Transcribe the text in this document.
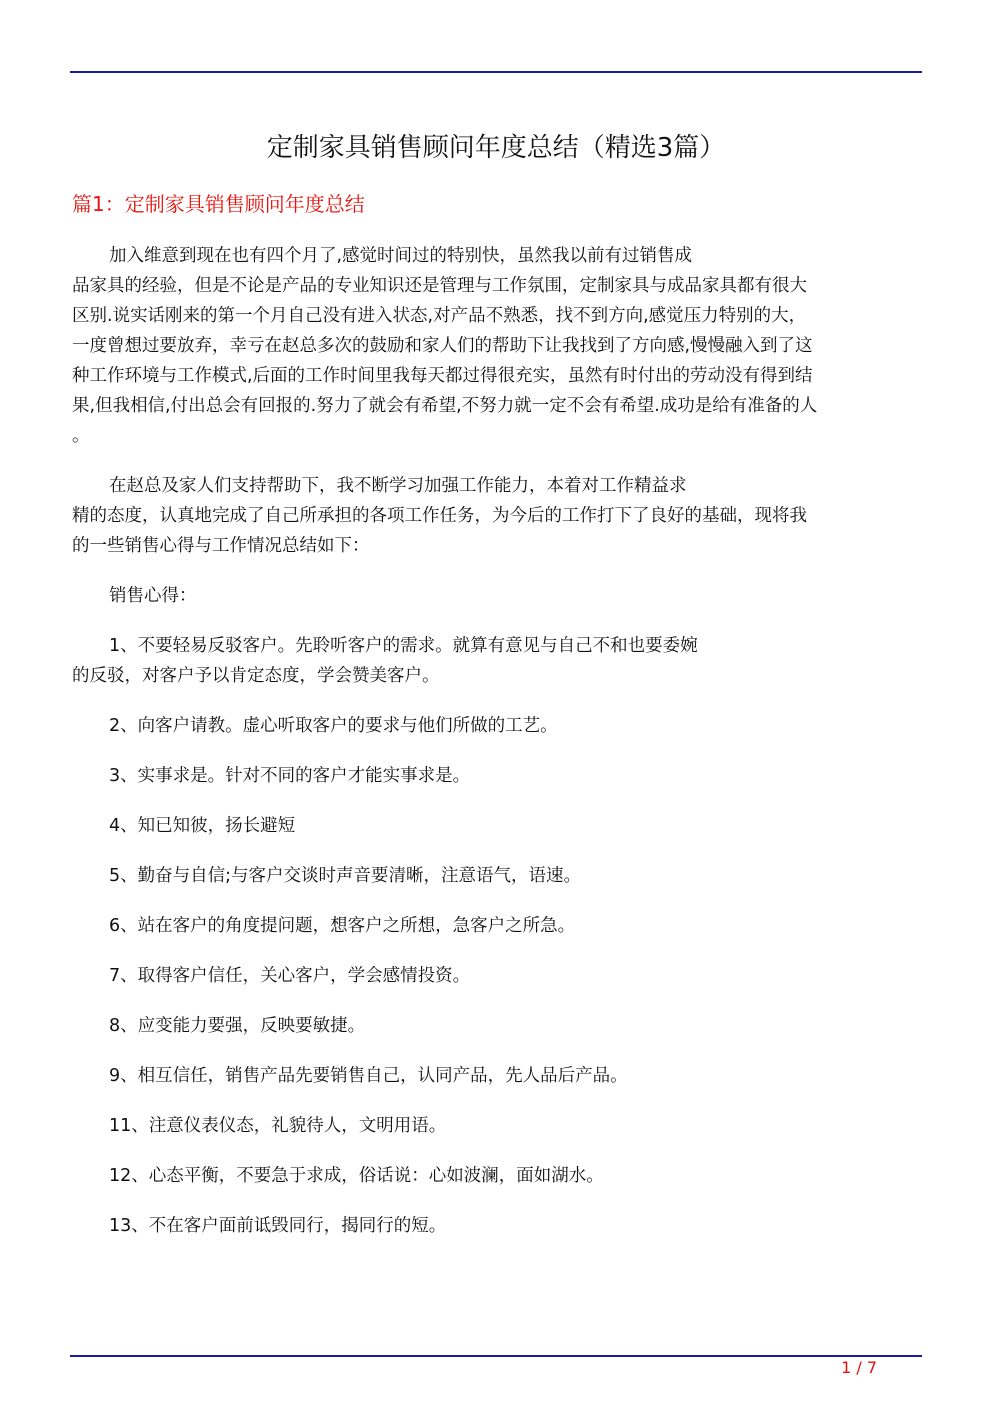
定制家具销售顾问年度总结（精选3篇）
篇1：定制家具销售顾问年度总结
加入维意到现在也有四个月了,感觉时间过的特别快，虽然我以前有过销售成
品家具的经验，但是不论是产品的专业知识还是管理与工作氛围，定制家具与成品家具都有很大
区别.说实话刚来的第一个月自己没有进入状态,对产品不熟悉，找不到方向,感觉压力特别的大，
一度曾想过要放弃，幸亏在赵总多次的鼓励和家人们的帮助下让我找到了方向感,慢慢融入到了这
种工作环境与工作模式,后面的工作时间里我每天都过得很充实，虽然有时付出的劳动没有得到结
果,但我相信,付出总会有回报的.努力了就会有希望,不努力就一定不会有希望.成功是给有准备的人
。
在赵总及家人们支持帮助下，我不断学习加强工作能力，本着对工作精益求
精的态度，认真地完成了自己所承担的各项工作任务，为今后的工作打下了良好的基础，现将我
的一些销售心得与工作情况总结如下：
销售心得：
1、不要轻易反驳客户。先聆听客户的需求。就算有意见与自己不和也要委婉
的反驳，对客户予以肯定态度，学会赞美客户。
2、向客户请教。虚心听取客户的要求与他们所做的工艺。
3、实事求是。针对不同的客户才能实事求是。
4、知已知彼，扬长避短
5、勤奋与自信;与客户交谈时声音要清晰，注意语气，语速。
6、站在客户的角度提问题，想客户之所想，急客户之所急。
7、取得客户信任，关心客户，学会感情投资。
8、应变能力要强，反映要敏捷。
9、相互信任，销售产品先要销售自己，认同产品，先人品后产品。
11、注意仪表仪态，礼貌待人，文明用语。
12、心态平衡，不要急于求成，俗话说：心如波澜，面如湖水。
13、不在客户面前诋毁同行，揭同行的短。
1 / 7
